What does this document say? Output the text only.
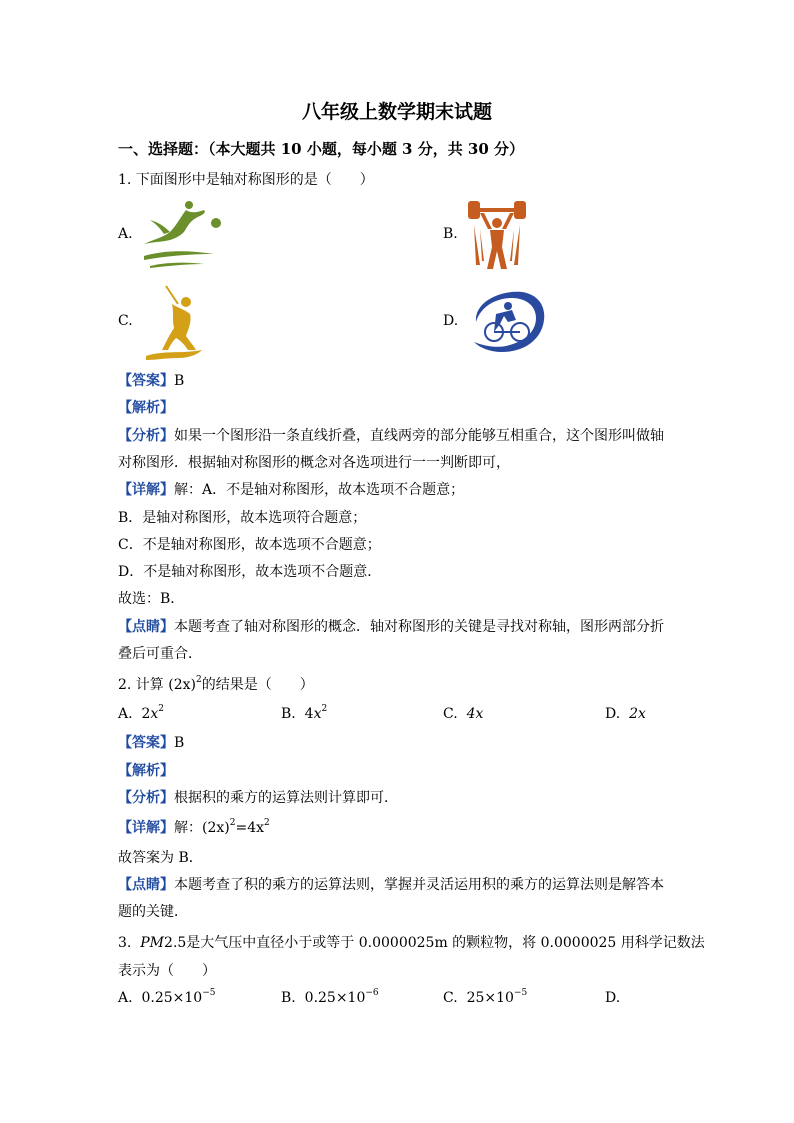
八年级上数学期末试题
一、选择题：（本大题共 10 小题，每小题 3 分，共 30 分）
1. 下面图形中是轴对称图形的是（　　）
A.	B.
C.	D.
【答案】B
【解析】
【分析】如果一个图形沿一条直线折叠，直线两旁的部分能够互相重合，这个图形叫做轴
对称图形．根据轴对称图形的概念对各选项进行一一判断即可，
【详解】解：A．不是轴对称图形，故本选项不合题意；
B．是轴对称图形，故本选项符合题意；
C．不是轴对称图形，故本选项不合题意；
D．不是轴对称图形，故本选项不合题意．
故选：B．
【点睛】本题考查了轴对称图形的概念．轴对称图形的关键是寻找对称轴，图形两部分折
叠后可重合．
2. 计算 $(2x)^2$的结果是（　　）
A. $2x^2$	B. $4x^2$	C. 4x	D. 2x
【答案】B
【解析】
【分析】根据积的乘方的运算法则计算即可．
【详解】解：$(2x)^2=4x^2$
故答案为 B．
【点睛】本题考查了积的乘方的运算法则，掌握并灵活运用积的乘方的运算法则是解答本
题的关键．
3. PM2.5是大气压中直径小于或等于 0.0000025m 的颗粒物，将 0.0000025 用科学记数法
表示为（　　）
A. $0.25\times 10^{-5}$	B. $0.25\times 10^{-6}$	C. $25\times 10^{-5}$	D.
